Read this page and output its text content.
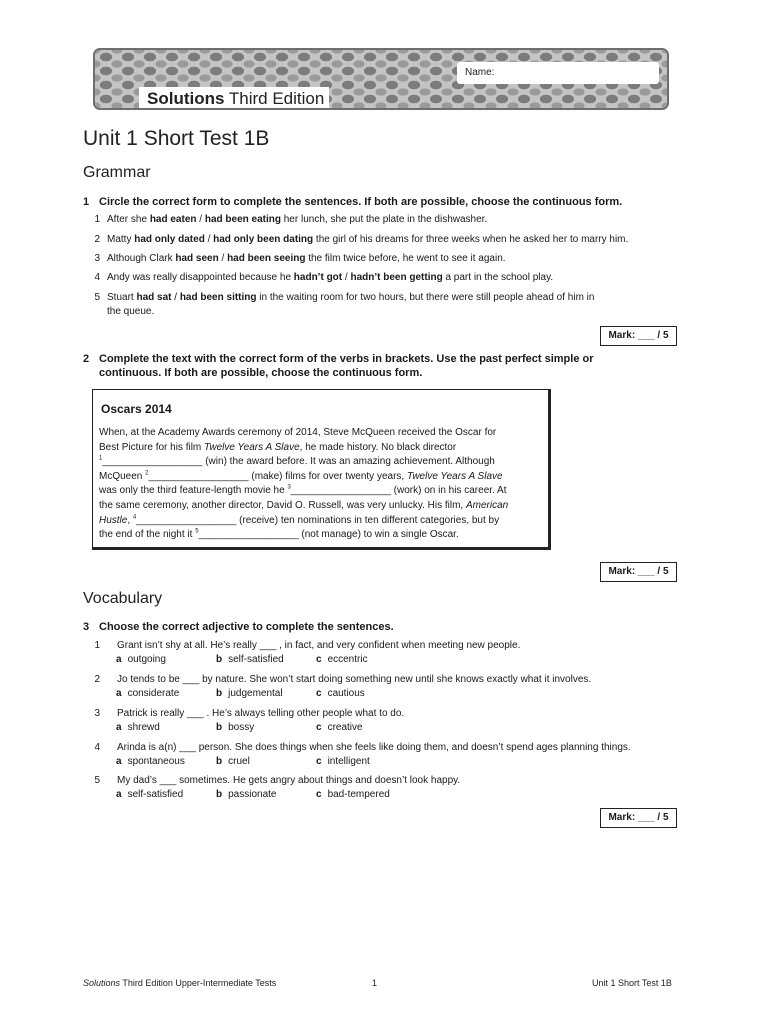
Solutions Third Edition
Name:
Unit 1 Short Test 1B
Grammar
1 Circle the correct form to complete the sentences. If both are possible, choose the continuous form.
1 After she had eaten / had been eating her lunch, she put the plate in the dishwasher.
2 Matty had only dated / had only been dating the girl of his dreams for three weeks when he asked her to marry him.
3 Although Clark had seen / had been seeing the film twice before, he went to see it again.
4 Andy was really disappointed because he hadn’t got / hadn’t been getting a part in the school play.
5 Stuart had sat / had been sitting in the waiting room for two hours, but there were still people ahead of him in
the queue.
Mark: ___ / 5
2 Complete the text with the correct form of the verbs in brackets. Use the past perfect simple or
continuous. If both are possible, choose the continuous form.
Oscars 2014
When, at the Academy Awards ceremony of 2014, Steve McQueen received the Oscar for
Best Picture for his film Twelve Years A Slave, he made history. No black director
$^1$__________________ (win) the award before. It was an amazing achievement. Although
McQueen $^2$__________________ (make) films for over twenty years, Twelve Years A Slave
was only the third feature-length movie he $^3$__________________ (work) on in his career. At
the same ceremony, another director, David O. Russell, was very unlucky. His film, American
Hustle, $^4$__________________ (receive) ten nominations in ten different categories, but by
the end of the night it $^5$__________________ (not manage) to win a single Oscar.
Mark: ___ / 5
Vocabulary
3 Choose the correct adjective to complete the sentences.
1 Grant isn’t shy at all. He’s really ___ , in fact, and very confident when meeting new people.
a outgoing	b self-satisfied	c eccentric
2 Jo tends to be ___ by nature. She won’t start doing something new until she knows exactly what it involves.
a considerate	b judgemental	c cautious
3 Patrick is really ___ . He’s always telling other people what to do.
a shrewd	b bossy	c creative
4 Arinda is a(n) ___ person. She does things when she feels like doing them, and doesn’t spend ages planning things.
a spontaneous	b cruel	c intelligent
5 My dad’s ___ sometimes. He gets angry about things and doesn’t look happy.
a self-satisfied	b passionate	c bad-tempered
Mark: ___ / 5
Solutions Third Edition Upper-Intermediate Tests	1	Unit 1 Short Test 1B
